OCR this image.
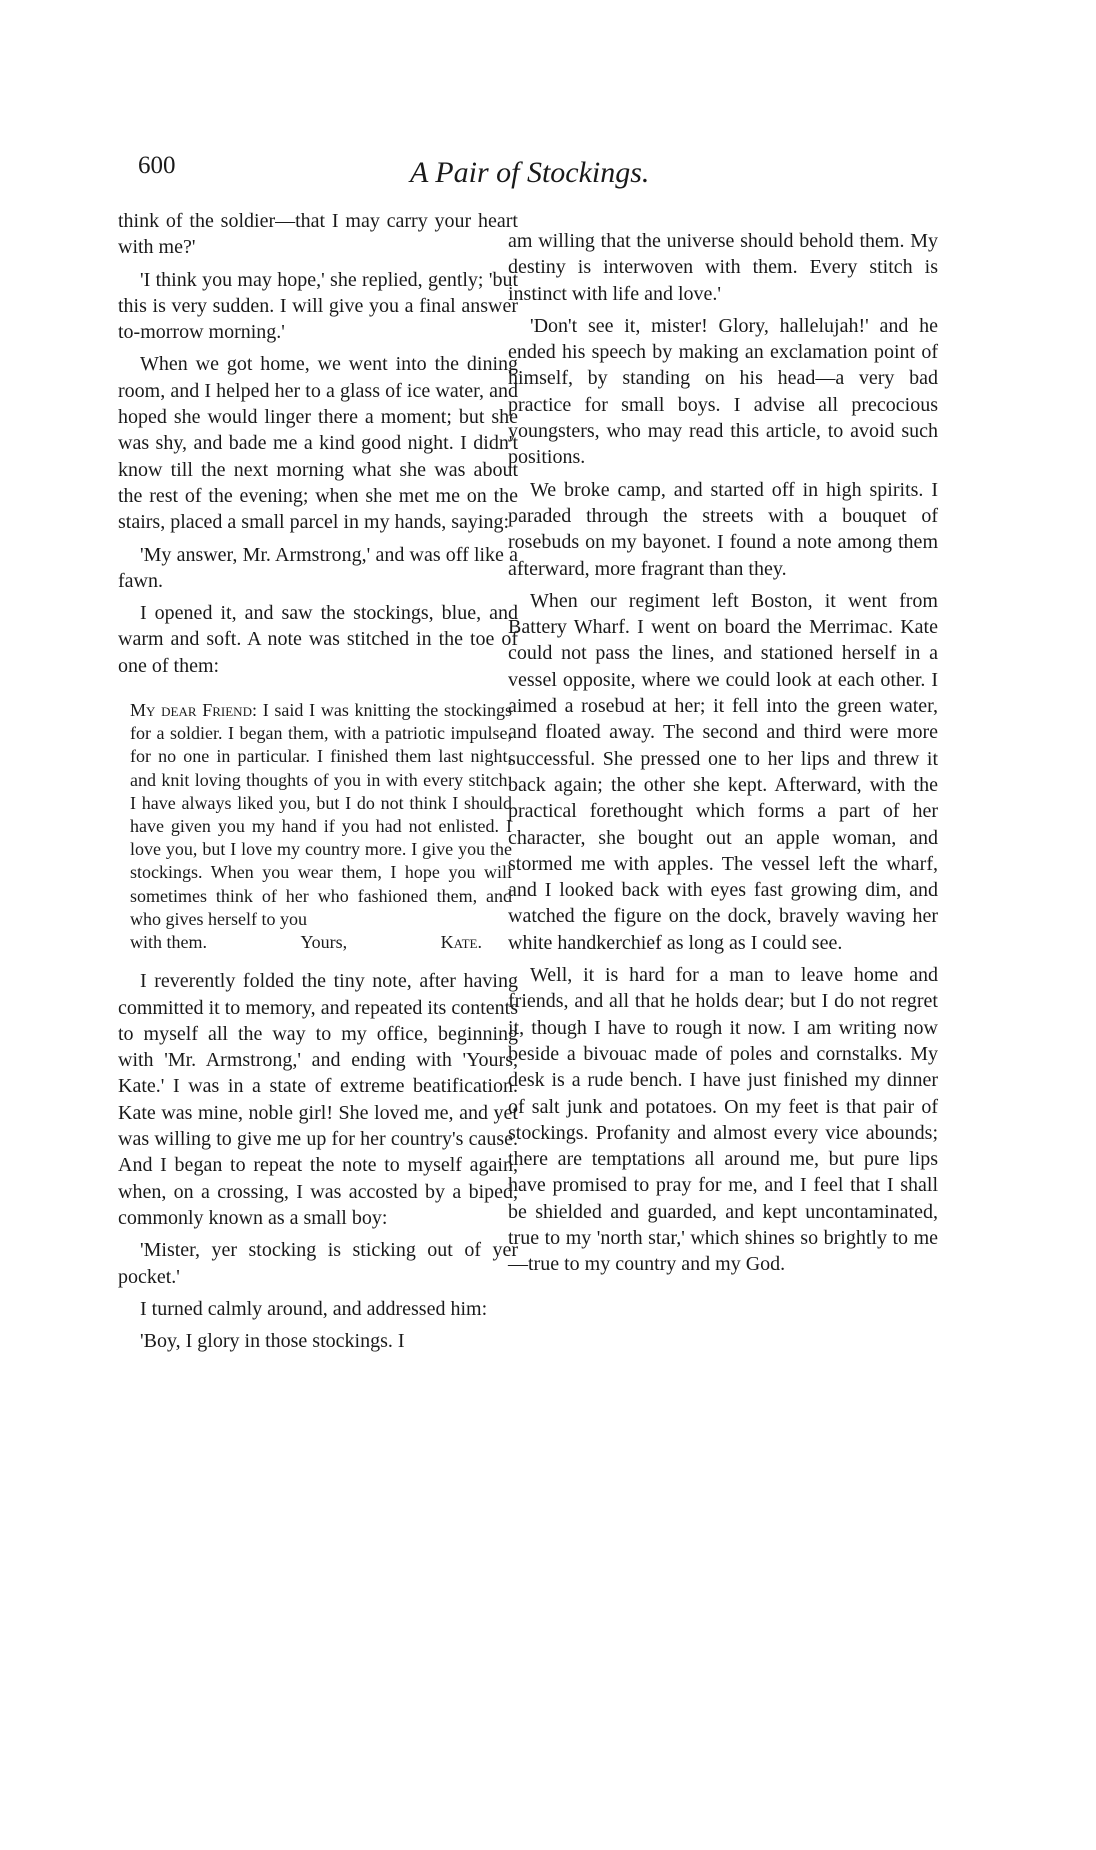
600	A Pair of Stockings.

think of the soldier—that I may carry your heart with me?'

'I think you may hope,' she replied, gently; 'but this is very sudden. I will give you a final answer to-morrow morning.'

When we got home, we went into the dining room, and I helped her to a glass of ice water, and hoped she would linger there a moment; but she was shy, and bade me a kind good night. I didn't know till the next morning what she was about the rest of the evening; when she met me on the stairs, placed a small parcel in my hands, saying:

'My answer, Mr. Armstrong,' and was off like a fawn.

I opened it, and saw the stockings, blue, and warm and soft. A note was stitched in the toe of one of them:

My dear Friend: I said I was knitting the stockings for a soldier. I began them, with a patriotic impulse, for no one in particular. I finished them last night, and knit loving thoughts of you in with every stitch. I have always liked you, but I do not think I should have given you my hand if you had not enlisted. I love you, but I love my country more. I give you the stockings. When you wear them, I hope you will sometimes think of her who fashioned them, and who gives herself to you
with them.	Yours,	Kate.

I reverently folded the tiny note, after having committed it to memory, and repeated its contents to myself all the way to my office, beginning with 'Mr. Armstrong,' and ending with 'Yours, Kate.' I was in a state of extreme beatification. Kate was mine, noble girl! She loved me, and yet was willing to give me up for her country's cause. And I began to repeat the note to myself again, when, on a crossing, I was accosted by a biped, commonly known as a small boy:

'Mister, yer stocking is sticking out of yer pocket.'

I turned calmly around, and addressed him:

'Boy, I glory in those stockings. I

am willing that the universe should behold them. My destiny is interwoven with them. Every stitch is instinct with life and love.'

'Don't see it, mister! Glory, hallelujah!' and he ended his speech by making an exclamation point of himself, by standing on his head—a very bad practice for small boys. I advise all precocious youngsters, who may read this article, to avoid such positions.

We broke camp, and started off in high spirits. I paraded through the streets with a bouquet of rosebuds on my bayonet. I found a note among them afterward, more fragrant than they.

When our regiment left Boston, it went from Battery Wharf. I went on board the Merrimac. Kate could not pass the lines, and stationed herself in a vessel opposite, where we could look at each other. I aimed a rosebud at her; it fell into the green water, and floated away. The second and third were more successful. She pressed one to her lips and threw it back again; the other she kept. Afterward, with the practical forethought which forms a part of her character, she bought out an apple woman, and stormed me with apples. The vessel left the wharf, and I looked back with eyes fast growing dim, and watched the figure on the dock, bravely waving her white handkerchief as long as I could see.

Well, it is hard for a man to leave home and friends, and all that he holds dear; but I do not regret it, though I have to rough it now. I am writing now beside a bivouac made of poles and cornstalks. My desk is a rude bench. I have just finished my dinner of salt junk and potatoes. On my feet is that pair of stockings. Profanity and almost every vice abounds; there are temptations all around me, but pure lips have promised to pray for me, and I feel that I shall be shielded and guarded, and kept uncontaminated, true to my 'north star,' which shines so brightly to me—true to my country and my God.
